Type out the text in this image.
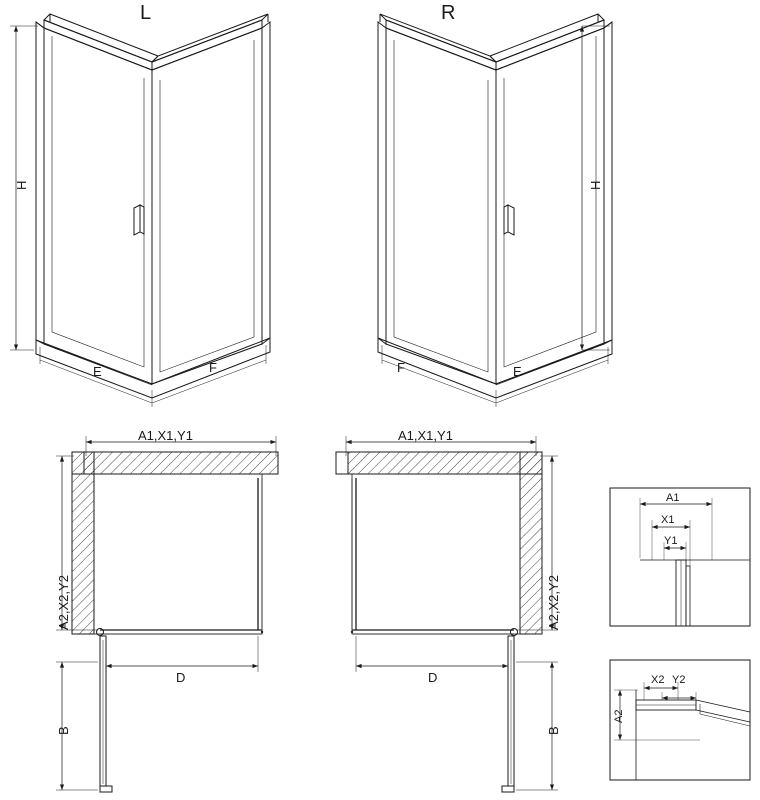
L	R
H	H
E	F	F	E
A1,X1,Y1
A2,X2,Y2
D
B
A1,X1,Y1
A2,X2,Y2
D
B
A1
X1
Y1
A2
X2 Y2
